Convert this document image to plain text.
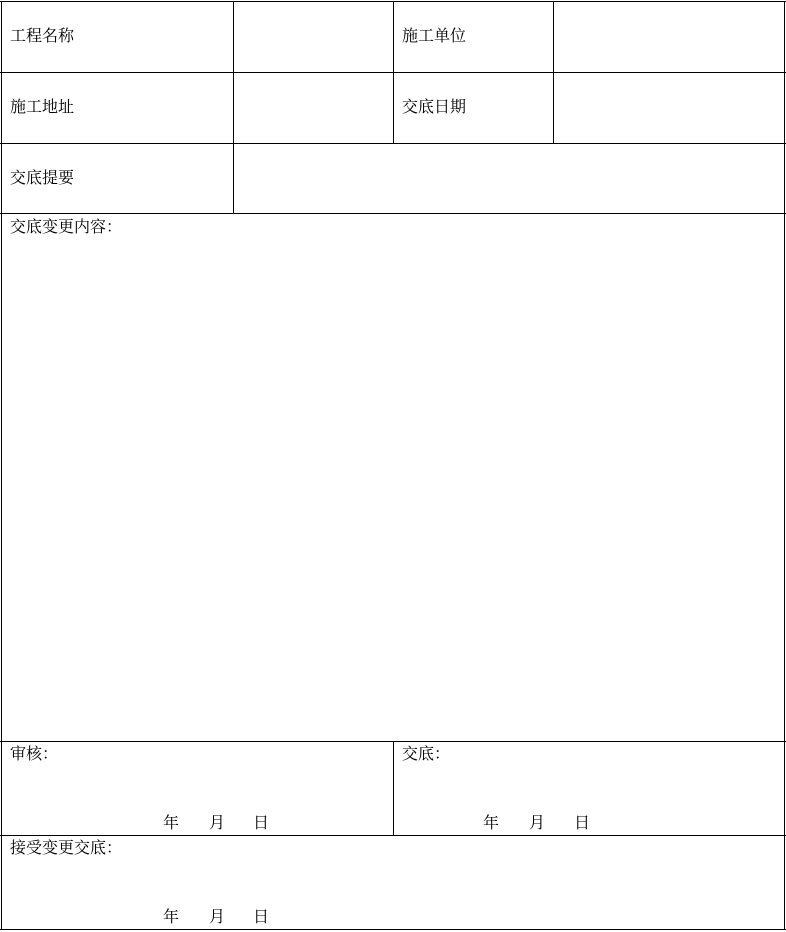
工程名称	施工单位
施工地址	交底日期
交底提要
交底变更内容：
审核：
年 月 日
交底：
年 月 日
接受变更交底：
年 月 日
